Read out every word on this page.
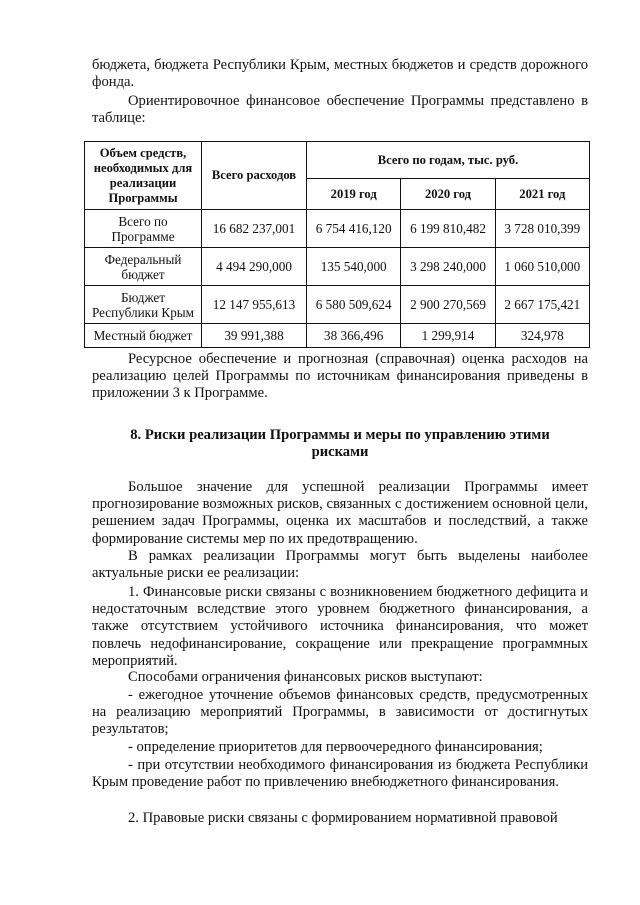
бюджета, бюджета Республики Крым, местных бюджетов и средств дорожного фонда.

Ориентировочное финансовое обеспечение Программы представлено в таблице:

Объем средств, необходимых для реализации Программы	Всего расходов	Всего по годам, тыс. руб.		
		2019 год	2020 год	2021 год
Всего по Программе	16 682 237,001	6 754 416,120	6 199 810,482	3 728 010,399
Федеральный бюджет	4 494 290,000	135 540,000	3 298 240,000	1 060 510,000
Бюджет Республики Крым	12 147 955,613	6 580 509,624	2 900 270,569	2 667 175,421
Местный бюджет	39 991,388	38 366,496	1 299,914	324,978

Ресурсное обеспечение и прогнозная (справочная) оценка расходов на реализацию целей Программы по источникам финансирования приведены в приложении 3 к Программе.

8. Риски реализации Программы и меры по управлению этими рисками

Большое значение для успешной реализации Программы имеет прогнозирование возможных рисков, связанных с достижением основной цели, решением задач Программы, оценка их масштабов и последствий, а также формирование системы мер по их предотвращению.

В рамках реализации Программы могут быть выделены наиболее актуальные риски ее реализации:

1. Финансовые риски связаны с возникновением бюджетного дефицита и недостаточным вследствие этого уровнем бюджетного финансирования, а также отсутствием устойчивого источника финансирования, что может повлечь недофинансирование, сокращение или прекращение программных мероприятий.

Способами ограничения финансовых рисков выступают:

- ежегодное уточнение объемов финансовых средств, предусмотренных на реализацию мероприятий Программы, в зависимости от достигнутых результатов;

- определение приоритетов для первоочередного финансирования;

- при отсутствии необходимого финансирования из бюджета Республики Крым проведение работ по привлечению внебюджетного финансирования.

2. Правовые риски связаны с формированием нормативной правовой
